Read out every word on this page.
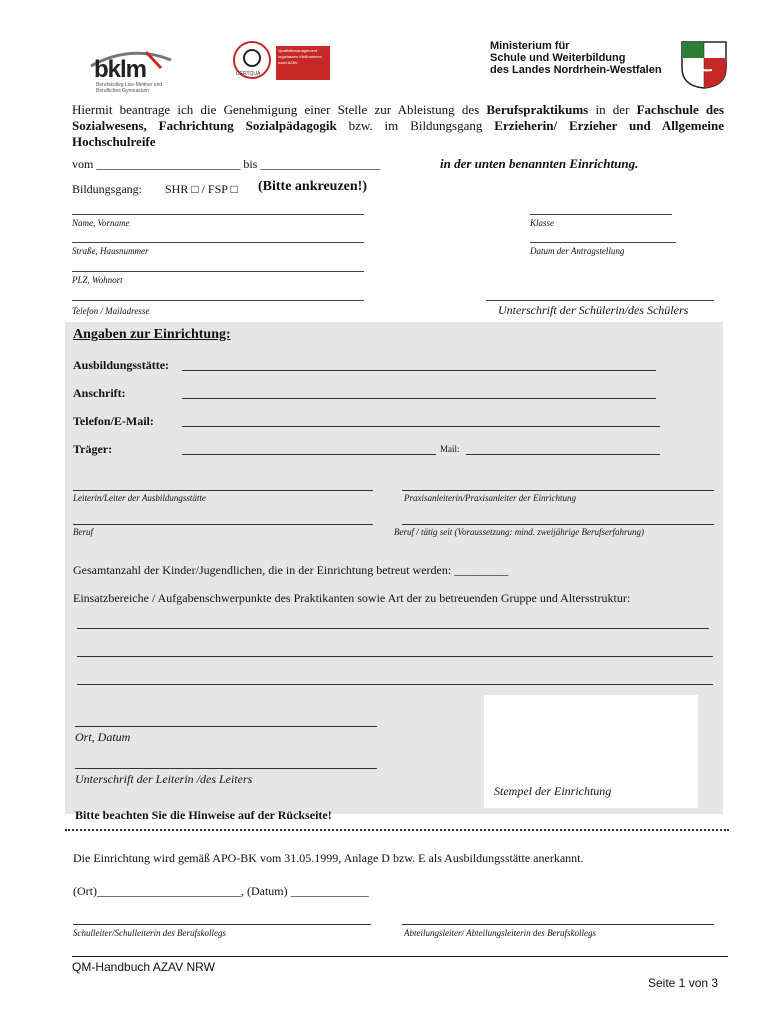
bklm
Berufskolleg Lise-Meitner und Berufliches Gymnasium
CERTQUA
Qualitätsmanagement zugelassen Maßnahmen nach AZAV
Ministerium für
Schule und Weiterbildung
des Landes Nordrhein-Westfalen
Hiermit beantrage ich die Genehmigung einer Stelle zur Ableistung des Berufspraktikums in der Fachschule des Sozialwesens, Fachrichtung Sozialpädagogik bzw. im Bildungsgang Erzieherin/ Erzieher und Allgemeine Hochschulreife
vom ________________________ bis ____________________	in der unten benannten Einrichtung.
Bildungsgang: SHR □ / FSP □ (Bitte ankreuzen!)
Name, Vorname	Klasse
Straße, Hausnummer	Datum der Antragstellung
PLZ, Wohnort
Telefon / Mailadresse	Unterschrift der Schülerin/des Schülers
Angaben zur Einrichtung:
Ausbildungsstätte:
Anschrift:
Telefon/E-Mail:
Träger:	Mail:
Leiterin/Leiter der Ausbildungsstätte	Praxisanleiterin/Praxisanleiter der Einrichtung
Beruf	Beruf / tätig seit (Voraussetzung: mind. zweijährige Berufserfahrung)
Gesamtanzahl der Kinder/Jugendlichen, die in der Einrichtung betreut werden: _________
Einsatzbereiche / Aufgabenschwerpunkte des Praktikanten sowie Art der zu betreuenden Gruppe und Altersstruktur:
Stempel der Einrichtung
Ort, Datum
Unterschrift der Leiterin /des Leiters
Bitte beachten Sie die Hinweise auf der Rückseite!
Die Einrichtung wird gemäß APO-BK vom 31.05.1999, Anlage D bzw. E als Ausbildungsstätte anerkannt.
(Ort)________________________, (Datum) _____________
Schulleiter/Schulleiterin des Berufskollegs	Abteilungsleiter/ Abteilungsleiterin des Berufskollegs
QM-Handbuch AZAV NRW
Seite 1 von 3
